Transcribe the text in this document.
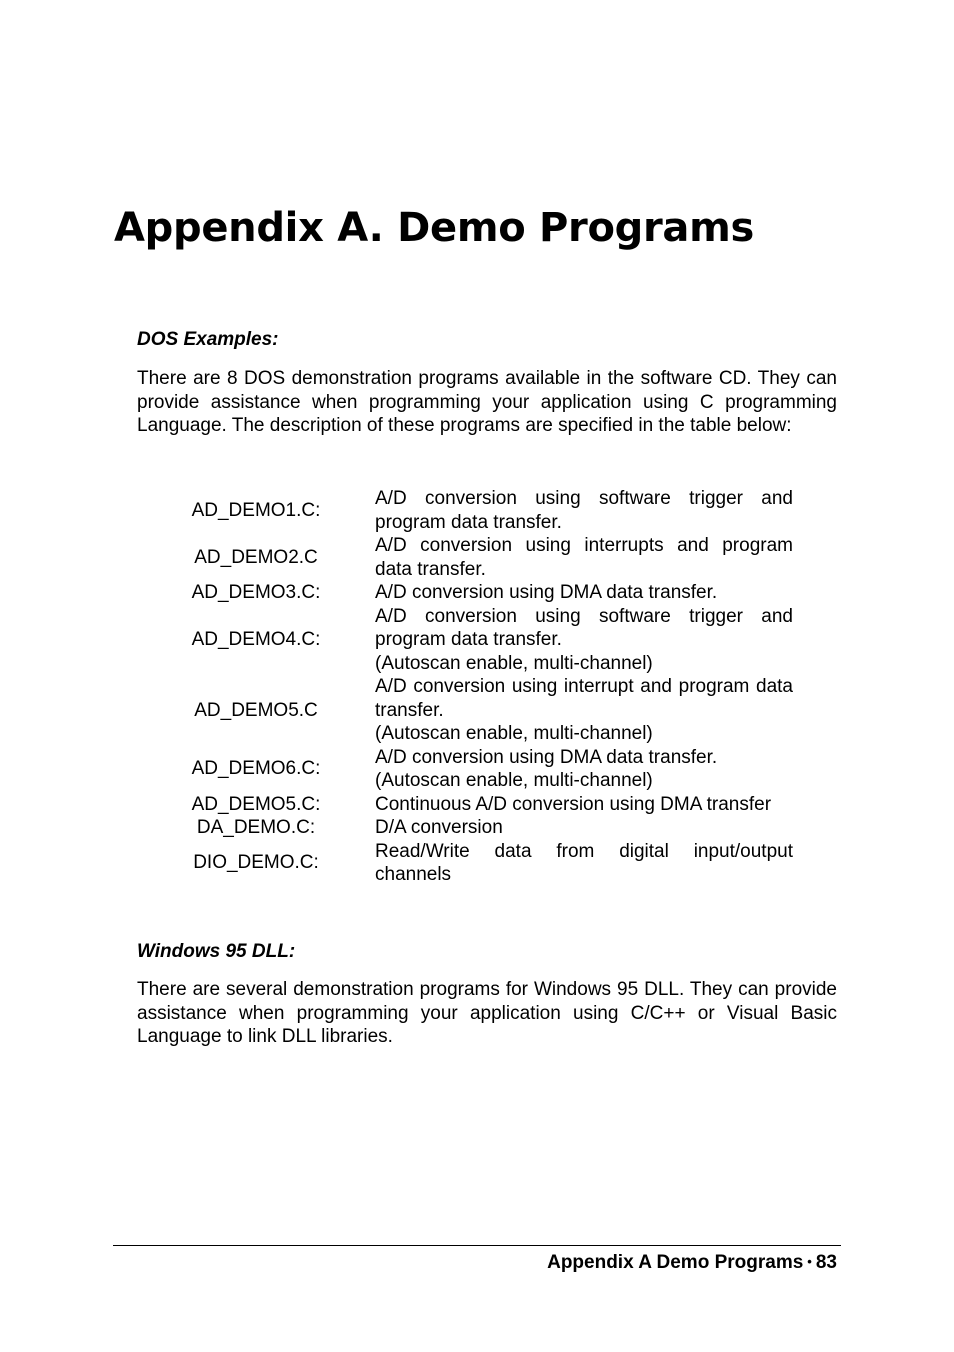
Appendix A. Demo Programs
DOS Examples:

There are 8 DOS demonstration programs available in the software CD. They can provide assistance when programming your application using C programming Language. The description of these programs are specified in the table below:

AD_DEMO1.C:	A/D conversion using software trigger and program data transfer.

AD_DEMO2.C	A/D conversion using interrupts and program data transfer.

AD_DEMO3.C:	A/D conversion using DMA data transfer.

AD_DEMO4.C:	A/D conversion using software trigger and program data transfer.
(Autoscan enable, multi-channel)

AD_DEMO5.C	A/D conversion using interrupt and program data transfer.
(Autoscan enable, multi-channel)

AD_DEMO6.C:	A/D conversion using DMA data transfer.
(Autoscan enable, multi-channel)

AD_DEMO5.C:	Continuous A/D conversion using DMA transfer

DA_DEMO.C:	D/A conversion

DIO_DEMO.C:	Read/Write data from digital input/output channels
Windows 95 DLL:

There are several demonstration programs for Windows 95 DLL. They can provide assistance when programming your application using C/C++ or Visual Basic Language to link DLL libraries.

Appendix A Demo Programs • 83
